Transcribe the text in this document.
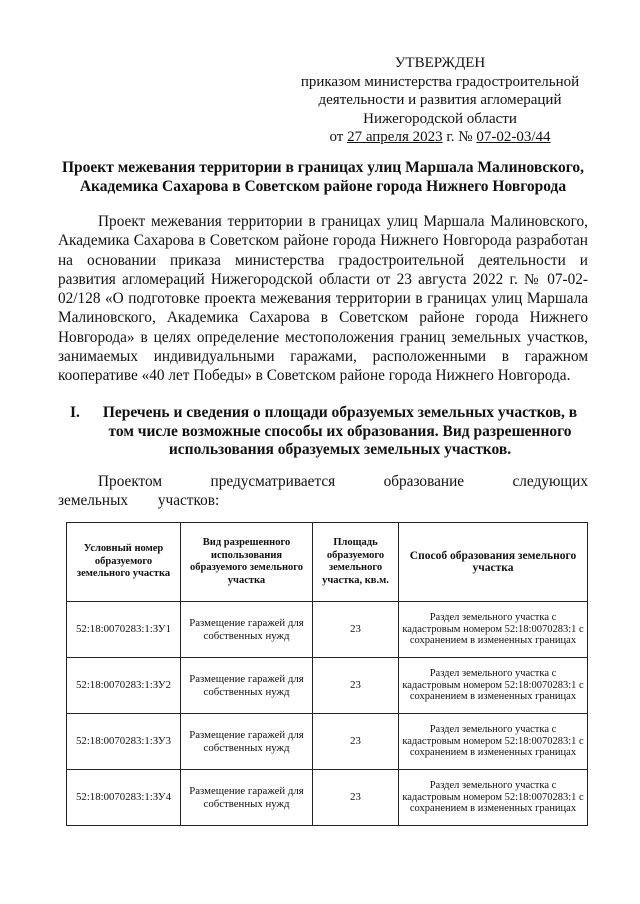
УТВЕРЖДЕН
приказом министерства градостроительной
деятельности и развития агломераций
Нижегородской области
от 27 апреля 2023 г. № 07-02-03/44
Проект межевания территории в границах улиц Маршала Малиновского, Академика Сахарова в Советском районе города Нижнего Новгорода

Проект межевания территории в границах улиц Маршала Малиновского, Академика Сахарова в Советском районе города Нижнего Новгорода разработан на основании приказа министерства градостроительной деятельности и развития агломераций Нижегородской области от 23 августа 2022 г. № 07-02-02/128 «О подготовке проекта межевания территории в границах улиц Маршала Малиновского, Академика Сахарова в Советском районе города Нижнего Новгорода» в целях определение местоположения границ земельных участков, занимаемых индивидуальными гаражами, расположенными в гаражном кооперативе «40 лет Победы» в Советском районе города Нижнего Новгорода.

I.	Перечень и сведения о площади образуемых земельных участков, в том числе возможные способы их образования. Вид разрешенного использования образуемых земельных участков.

Проектом предусматривается образование следующих земельных участков:

Условный номер образуемого земельного участка	Вид разрешенного использования образуемого земельного участка	Площадь образуемого земельного участка, кв.м.	Способ образования земельного участка
52:18:0070283:1:ЗУ1	Размещение гаражей для собственных нужд	23	Раздел земельного участка с кадастровым номером 52:18:0070283:1 с сохранением в измененных границах
52:18:0070283:1:ЗУ2	Размещение гаражей для собственных нужд	23	Раздел земельного участка с кадастровым номером 52:18:0070283:1 с сохранением в измененных границах
52:18:0070283:1:ЗУ3	Размещение гаражей для собственных нужд	23	Раздел земельного участка с кадастровым номером 52:18:0070283:1 с сохранением в измененных границах
52:18:0070283:1:ЗУ4	Размещение гаражей для собственных нужд	23	Раздел земельного участка с кадастровым номером 52:18:0070283:1 с сохранением в измененных границах
